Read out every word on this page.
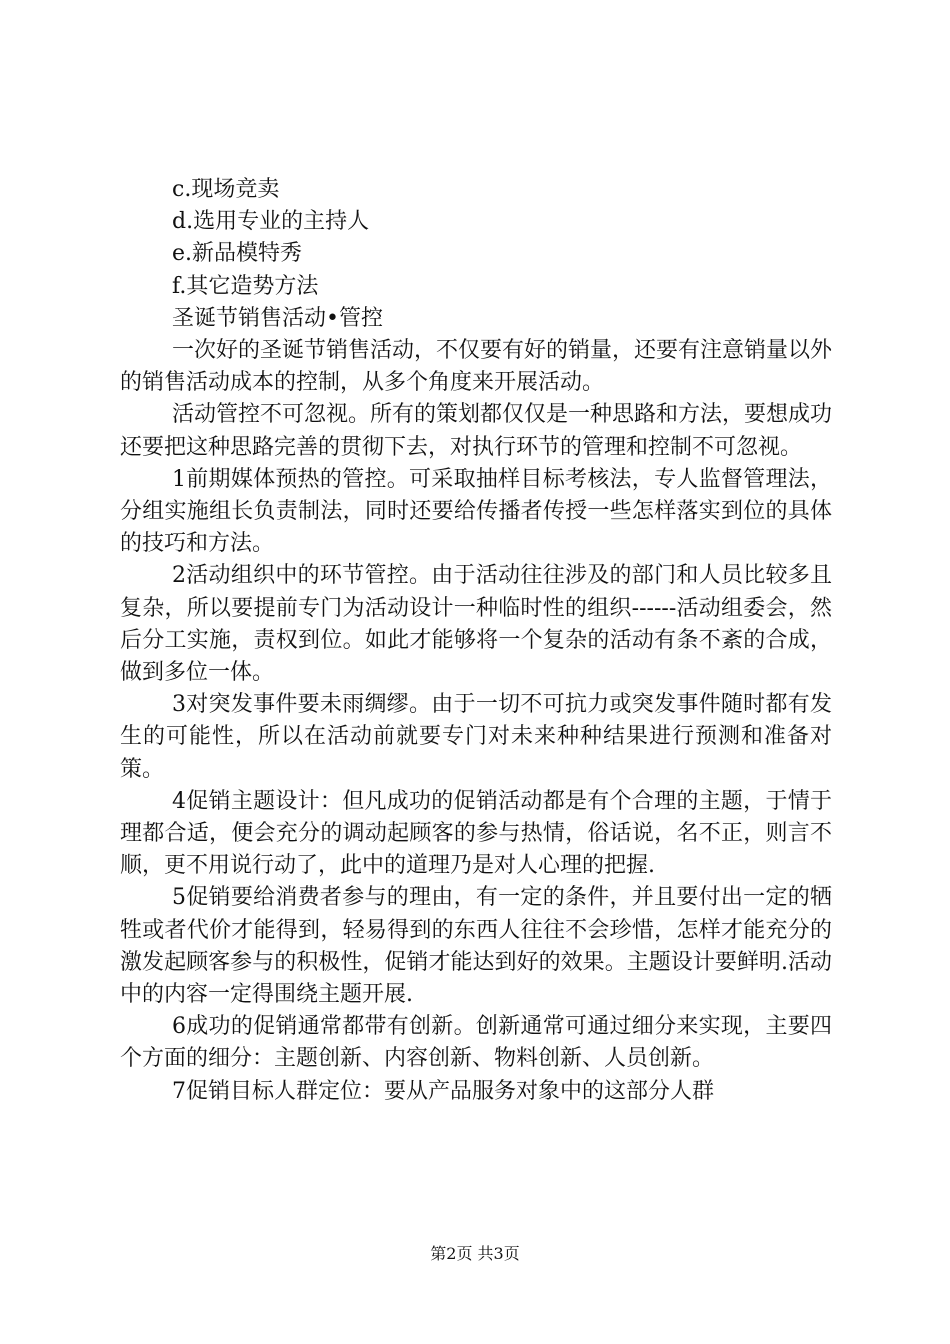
c.现场竞卖

d.选用专业的主持人

e.新品模特秀

f.其它造势方法

圣诞节销售活动•管控

一次好的圣诞节销售活动，不仅要有好的销量，还要有注意销量以外的销售活动成本的控制，从多个角度来开展活动。

活动管控不可忽视。所有的策划都仅仅是一种思路和方法，要想成功还要把这种思路完善的贯彻下去，对执行环节的管理和控制不可忽视。

1前期媒体预热的管控。可采取抽样目标考核法，专人监督管理法，分组实施组长负责制法，同时还要给传播者传授一些怎样落实到位的具体的技巧和方法。

2活动组织中的环节管控。由于活动往往涉及的部门和人员比较多且复杂，所以要提前专门为活动设计一种临时性的组织------活动组委会，然后分工实施，责权到位。如此才能够将一个复杂的活动有条不紊的合成，做到多位一体。

3对突发事件要未雨绸缪。由于一切不可抗力或突发事件随时都有发生的可能性，所以在活动前就要专门对未来种种结果进行预测和准备对策。

4促销主题设计：但凡成功的促销活动都是有个合理的主题，于情于理都合适，便会充分的调动起顾客的参与热情，俗话说，名不正，则言不顺，更不用说行动了，此中的道理乃是对人心理的把握.

5促销要给消费者参与的理由，有一定的条件，并且要付出一定的牺牲或者代价才能得到，轻易得到的东西人往往不会珍惜，怎样才能充分的激发起顾客参与的积极性，促销才能达到好的效果。主题设计要鲜明.活动中的内容一定得围绕主题开展.

6成功的促销通常都带有创新。创新通常可通过细分来实现，主要四个方面的细分：主题创新、内容创新、物料创新、人员创新。

7促销目标人群定位：要从产品服务对象中的这部分人群

第2页 共3页
